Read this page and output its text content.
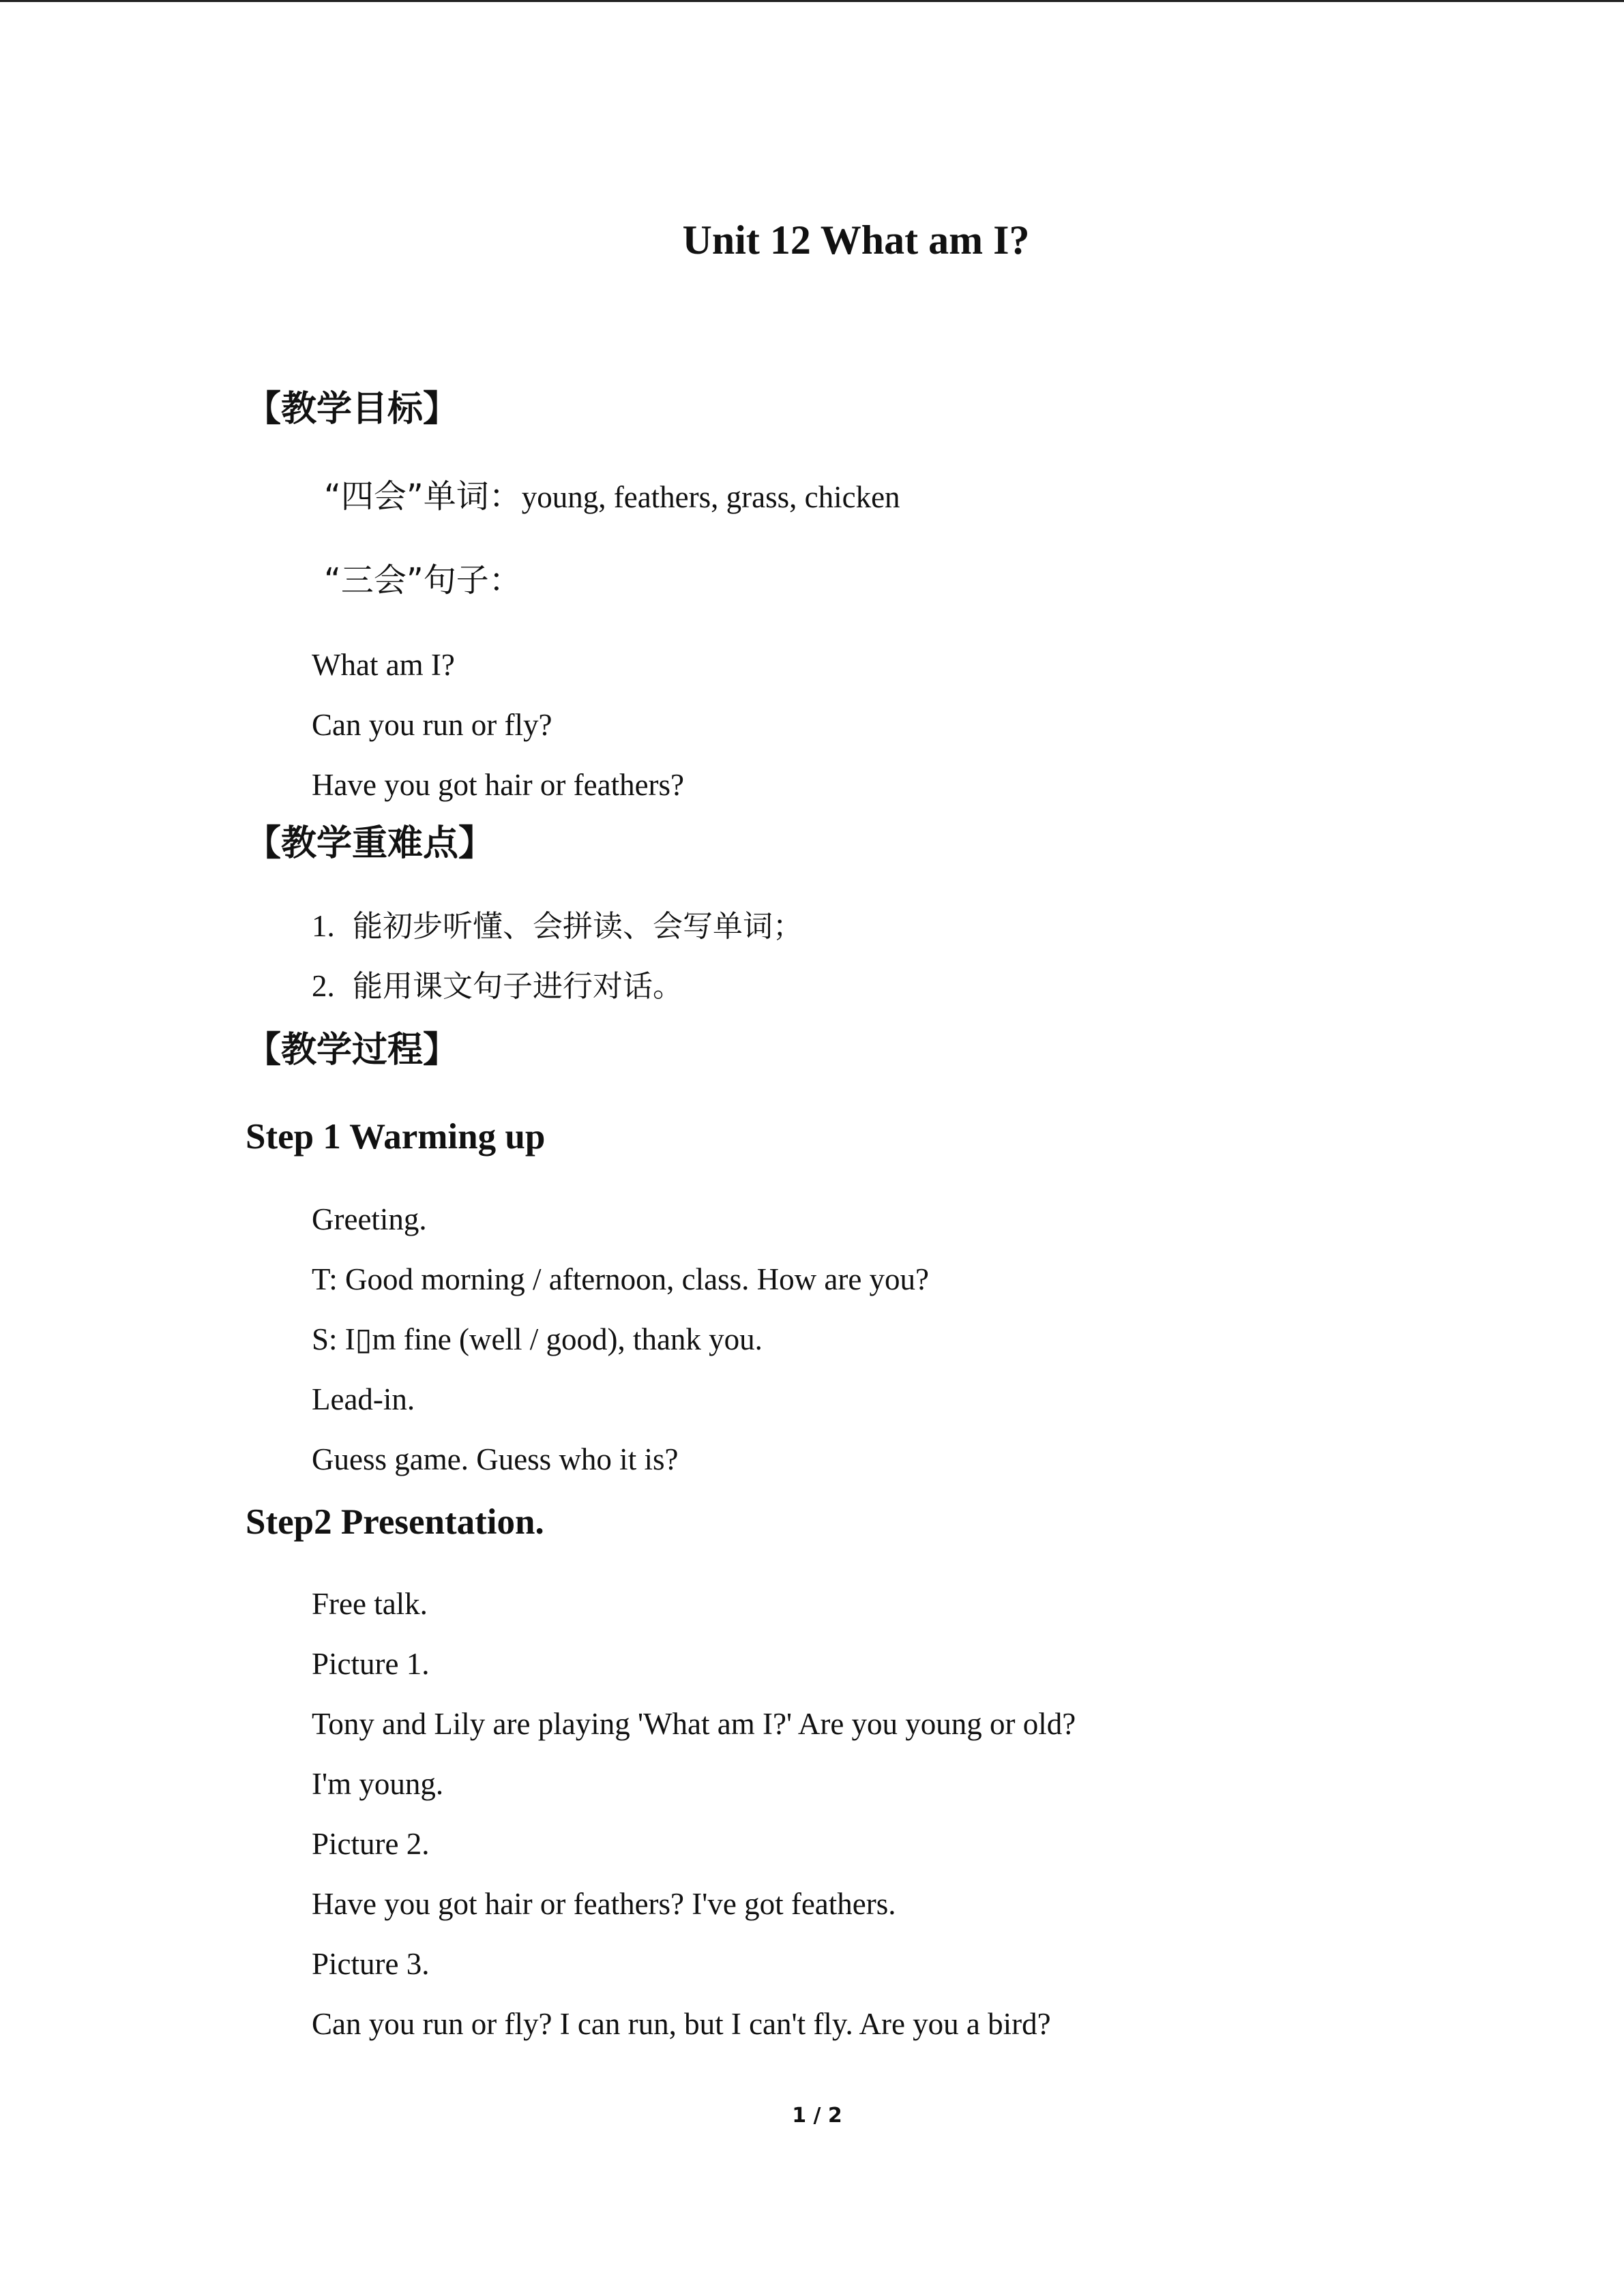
Unit 12 What am I?
【教学目标】
“四会”单词：young, feathers, grass, chicken
“三会”句子：
What am I?
Can you run or fly?
Have you got hair or feathers?
【教学重难点】
1. 能初步听懂、会拼读、会写单词；
2. 能用课文句子进行对话。
【教学过程】
Step 1 Warming up
Greeting.
T: Good morning / afternoon, class. How are you?
S: I▯m fine (well / good), thank you.
Lead-in.
Guess game. Guess who it is?
Step2 Presentation.
Free talk.
Picture 1.
Tony and Lily are playing 'What am I?' Are you young or old?
I'm young.
Picture 2.
Have you got hair or feathers? I've got feathers.
Picture 3.
Can you run or fly? I can run, but I can't fly. Are you a bird?
1 / 2
